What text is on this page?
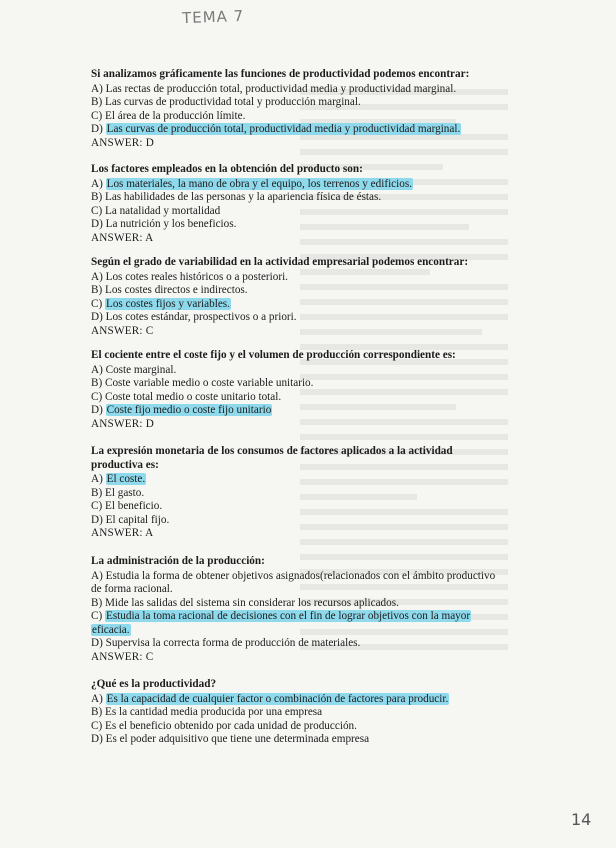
TEMA 7
Si analizamos gráficamente las funciones de productividad podemos encontrar:
A) Las rectas de producción total, productividad media y productividad marginal.
B) Las curvas de productividad total y producción marginal.
C) El área de la producción límite.
D) Las curvas de producción total, productividad media y productividad marginal.
ANSWER: D
Los factores empleados en la obtención del producto son:
A) Los materiales, la mano de obra y el equipo, los terrenos y edificios.
B) Las habilidades de las personas y la apariencia física de éstas.
C) La natalidad y mortalidad
D) La nutrición y los beneficios.
ANSWER: A
Según el grado de variabilidad en la actividad empresarial podemos encontrar:
A) Los cotes reales históricos o a posteriori.
B) Los costes directos e indirectos.
C) Los costes fijos y variables.
D) Los cotes estándar, prospectivos o a priori.
ANSWER: C
El cociente entre el coste fijo y el volumen de producción correspondiente es:
A) Coste marginal.
B) Coste variable medio o coste variable unitario.
C) Coste total medio o coste unitario total.
D) Coste fijo medio o coste fijo unitario
ANSWER: D
La expresión monetaria de los consumos de factores aplicados a la actividad productiva es:
A) El coste.
B) El gasto.
C) El beneficio.
D) El capital fijo.
ANSWER: A
La administración de la producción:
A) Estudia la forma de obtener objetivos asignados(relacionados con el ámbito productivo de forma racional.
B) Mide las salidas del sistema sin considerar los recursos aplicados.
C) Estudia la toma racional de decisiones con el fin de lograr objetivos con la mayor eficacia.
D) Supervisa la correcta forma de producción de materiales.
ANSWER: C
¿Qué es la productividad?
A) Es la capacidad de cualquier factor o combinación de factores para producir.
B) Es la cantidad media producida por una empresa
C) Es el beneficio obtenido por cada unidad de producción.
D) Es el poder adquisitivo que tiene une determinada empresa
14
